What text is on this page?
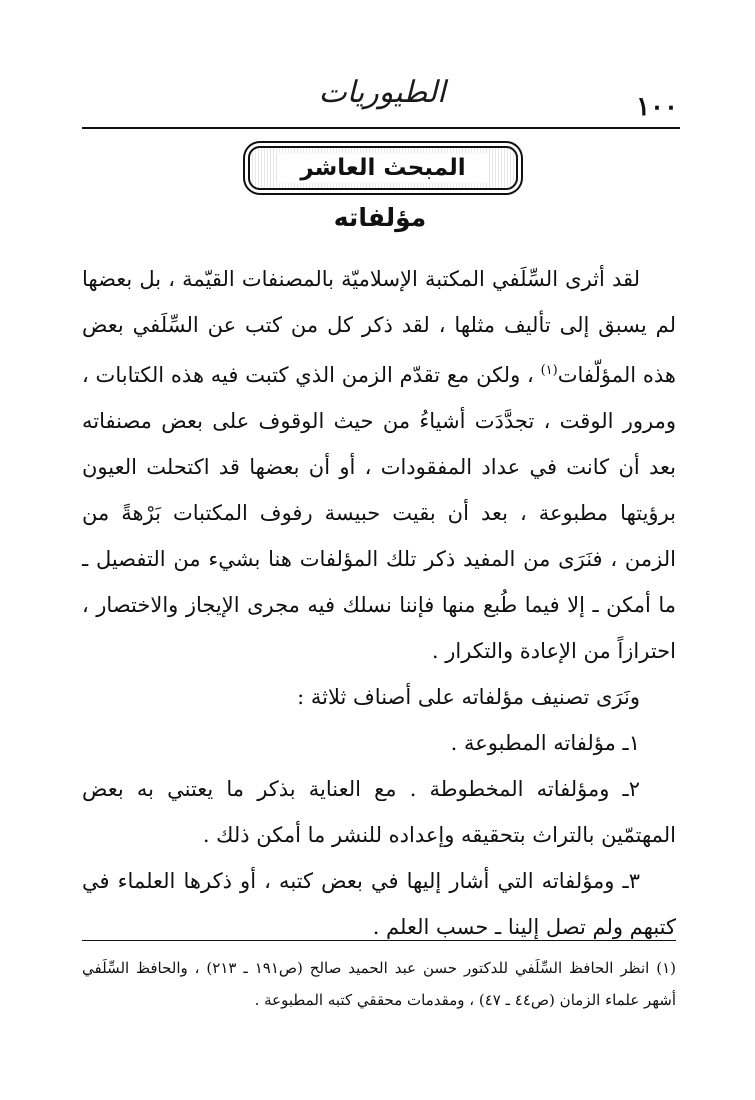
الطيوريات	١٠٠
المبحث العاشر
مؤلفاته

لقد أثرى السِّلَفي المكتبة الإسلاميّة بالمصنفات القيّمة ، بل بعضها لم يسبق إلى تأليف مثلها ، لقد ذكر كل من كتب عن السِّلَفي بعض هذه المؤلّفات$^{(١)}$ ، ولكن مع تقدّم الزمن الذي كتبت فيه هذه الكتابات ، ومرور الوقت ، تجدَّدَت أشياءُ من حيث الوقوف على بعض مصنفاته بعد أن كانت في عداد المفقودات ، أو أن بعضها قد اكتحلت العيون برؤيتها مطبوعة ، بعد أن بقيت حبيسة رفوف المكتبات بَرْهةً من الزمن ، فنَرَى من المفيد ذكر تلك المؤلفات هنا بشيء من التفصيل ـ ما أمكن ـ إلا فيما طُبع منها فإننا نسلك فيه مجرى الإيجاز والاختصار ، احترازاً من الإعادة والتكرار .

ونَرَى تصنيف مؤلفاته على أصناف ثلاثة :

١ـ مؤلفاته المطبوعة .

٢ـ ومؤلفاته المخطوطة . مع العناية بذكر ما يعتني به بعض المهتمّين بالتراث بتحقيقه وإعداده للنشر ما أمكن ذلك .

٣ـ ومؤلفاته التي أشار إليها في بعض كتبه ، أو ذكرها العلماء في كتبهم ولم تصل إلينا ـ حسب العلم .

(١) انظر الحافظ السِّلَفي للدكتور حسن عبد الحميد صالح (ص١٩١ ـ ٢١٣) ، والحافظ السِّلَفي أشهر علماء الزمان (ص٤٤ ـ ٤٧) ، ومقدمات محققي كتبه المطبوعة .
